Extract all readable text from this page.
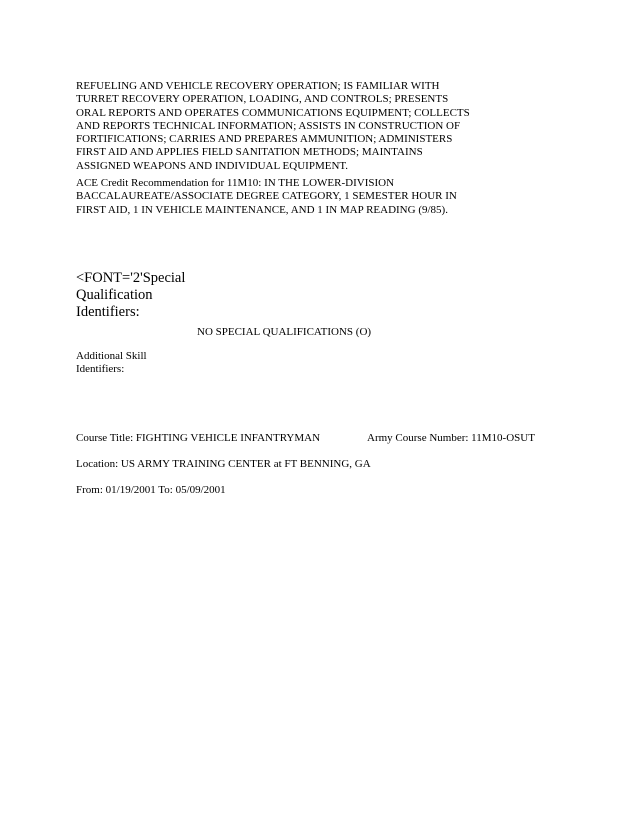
REFUELING AND VEHICLE RECOVERY OPERATION; IS FAMILIAR WITH
TURRET RECOVERY OPERATION, LOADING, AND CONTROLS; PRESENTS
ORAL REPORTS AND OPERATES COMMUNICATIONS EQUIPMENT; COLLECTS
AND REPORTS TECHNICAL INFORMATION; ASSISTS IN CONSTRUCTION OF
FORTIFICATIONS; CARRIES AND PREPARES AMMUNITION; ADMINISTERS
FIRST AID AND APPLIES FIELD SANITATION METHODS; MAINTAINS
ASSIGNED WEAPONS AND INDIVIDUAL EQUIPMENT.
ACE Credit Recommendation for 11M10: IN THE LOWER-DIVISION
BACCALAUREATE/ASSOCIATE DEGREE CATEGORY, 1 SEMESTER HOUR IN
FIRST AID, 1 IN VEHICLE MAINTENANCE, AND 1 IN MAP READING (9/85).
<FONT='2'Special
Qualification
Identifiers:
NO SPECIAL QUALIFICATIONS (O)
Additional Skill
Identifiers:
Course Title: FIGHTING VEHICLE INFANTRYMAN	Army Course Number: 11M10-OSUT
Location: US ARMY TRAINING CENTER at FT BENNING, GA
From: 01/19/2001 To: 05/09/2001
